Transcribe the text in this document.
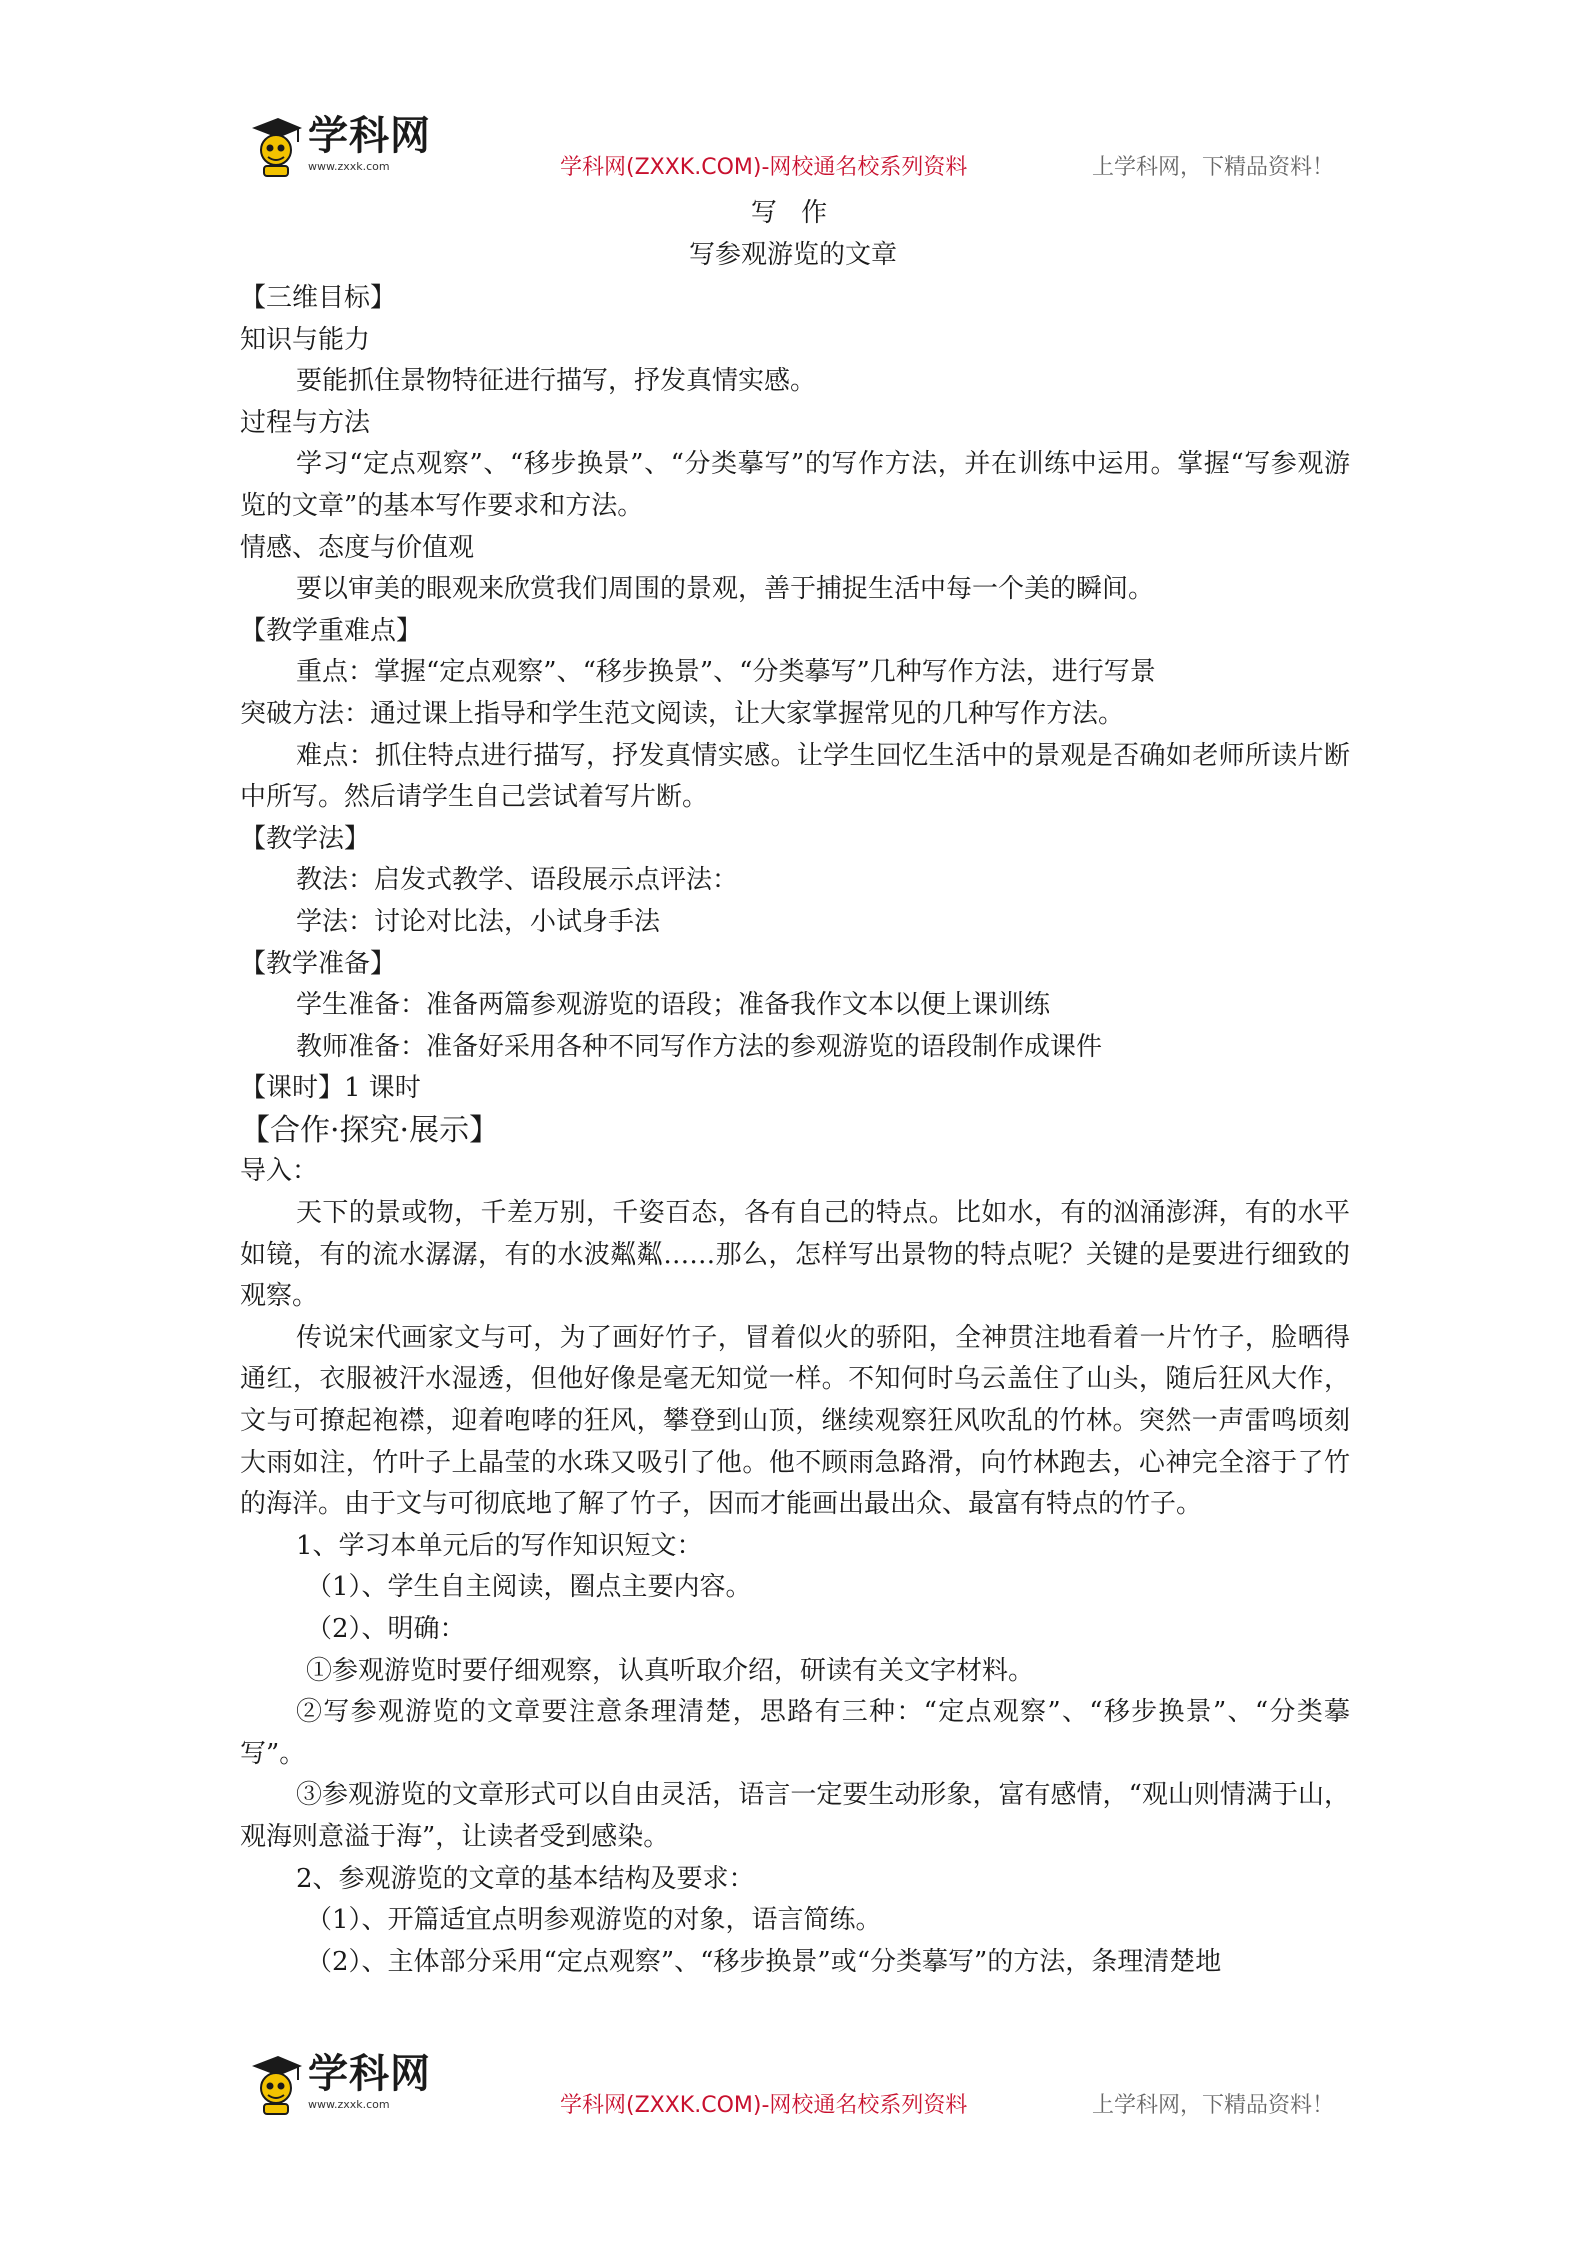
学科网
www.zxxk.com	学科网(ZXXK.COM)-网校通名校系列资料	上学科网，下精品资料！
写 作
写参观游览的文章

【三维目标】

知识与能力

要能抓住景物特征进行描写，抒发真情实感。

过程与方法

学习“定点观察”、“移步换景”、“分类摹写”的写作方法，并在训练中运用。掌握“写参观游览的文章”的基本写作要求和方法。

情感、态度与价值观

要以审美的眼观来欣赏我们周围的景观，善于捕捉生活中每一个美的瞬间。

【教学重难点】

重点：掌握“定点观察”、“移步换景”、“分类摹写”几种写作方法，进行写景

突破方法：通过课上指导和学生范文阅读，让大家掌握常见的几种写作方法。

难点：抓住特点进行描写，抒发真情实感。让学生回忆生活中的景观是否确如老师所读片断中所写。然后请学生自己尝试着写片断。

【教学法】

教法：启发式教学、语段展示点评法：

学法：讨论对比法，小试身手法

【教学准备】

学生准备：准备两篇参观游览的语段；准备我作文本以便上课训练

教师准备：准备好采用各种不同写作方法的参观游览的语段制作成课件

【课时】1 课时

【合作·探究·展示】

导入：

天下的景或物，千差万别，千姿百态，各有自己的特点。比如水，有的汹涌澎湃，有的水平如镜，有的流水潺潺，有的水波粼粼……那么，怎样写出景物的特点呢？关键的是要进行细致的观察。

传说宋代画家文与可，为了画好竹子，冒着似火的骄阳，全神贯注地看着一片竹子，脸晒得通红，衣服被汗水湿透，但他好像是毫无知觉一样。不知何时乌云盖住了山头，随后狂风大作，文与可撩起袍襟，迎着咆哮的狂风，攀登到山顶，继续观察狂风吹乱的竹林。突然一声雷鸣顷刻大雨如注，竹叶子上晶莹的水珠又吸引了他。他不顾雨急路滑，向竹林跑去，心神完全溶于了竹的海洋。由于文与可彻底地了解了竹子，因而才能画出最出众、最富有特点的竹子。

1、学习本单元后的写作知识短文：

（1）、学生自主阅读，圈点主要内容。

（2）、明确：

①参观游览时要仔细观察，认真听取介绍，研读有关文字材料。

②写参观游览的文章要注意条理清楚，思路有三种：“定点观察”、“移步换景”、“分类摹写”。

③参观游览的文章形式可以自由灵活，语言一定要生动形象，富有感情，“观山则情满于山，观海则意溢于海”，让读者受到感染。

2、参观游览的文章的基本结构及要求：

（1）、开篇适宜点明参观游览的对象，语言简练。

（2）、主体部分采用“定点观察”、“移步换景”或“分类摹写”的方法，条理清楚地

学科网
www.zxxk.com	学科网(ZXXK.COM)-网校通名校系列资料	上学科网，下精品资料！
